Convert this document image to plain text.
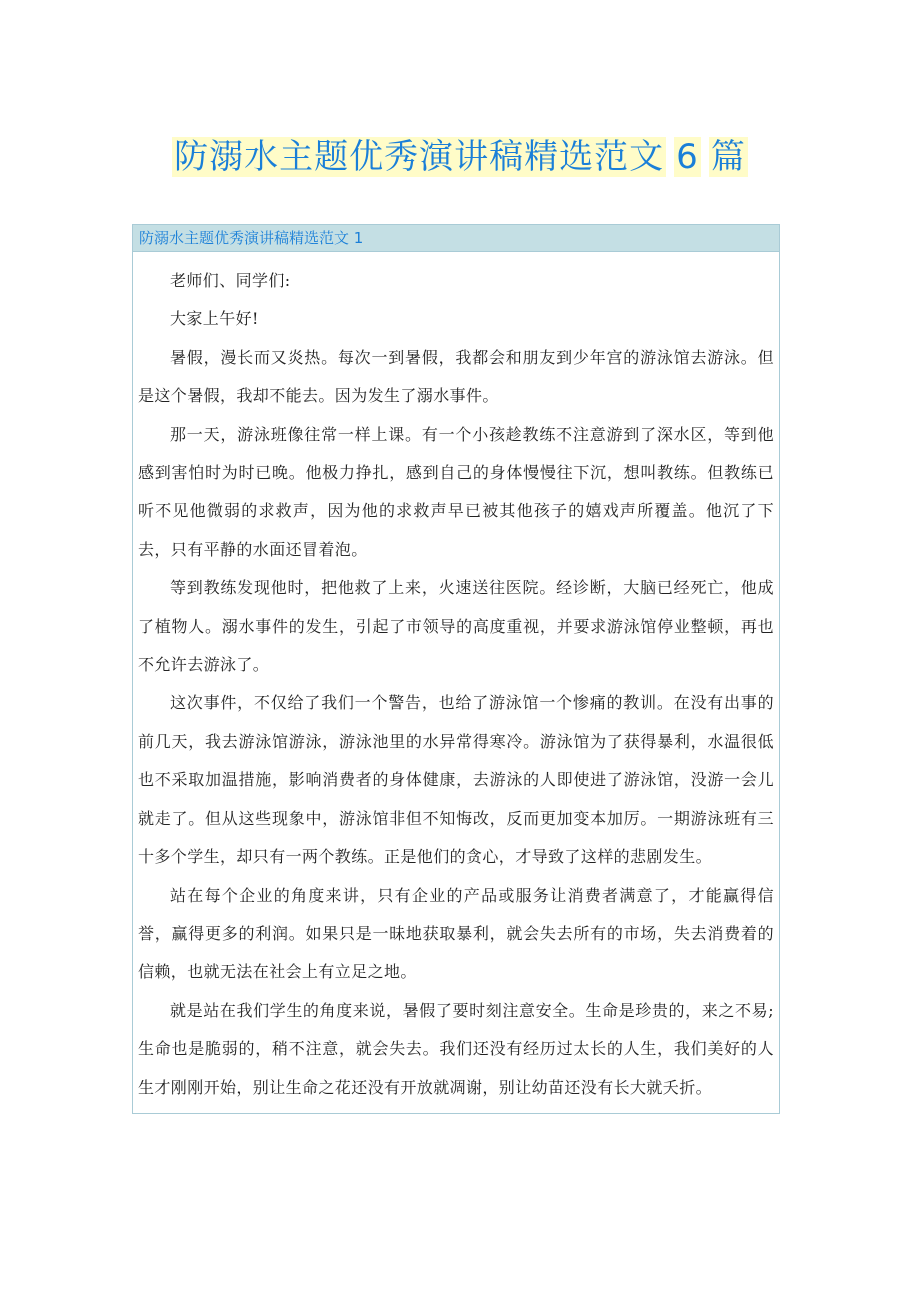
防溺水主题优秀演讲稿精选范文 6 篇
防溺水主题优秀演讲稿精选范文 1

老师们、同学们:

大家上午好!

暑假，漫长而又炎热。每次一到暑假，我都会和朋友到少年宫的游泳馆去游泳。但是这个暑假，我却不能去。因为发生了溺水事件。

那一天，游泳班像往常一样上课。有一个小孩趁教练不注意游到了深水区，等到他感到害怕时为时已晚。他极力挣扎，感到自己的身体慢慢往下沉，想叫教练。但教练已听不见他微弱的求救声，因为他的求救声早已被其他孩子的嬉戏声所覆盖。他沉了下去，只有平静的水面还冒着泡。

等到教练发现他时，把他救了上来，火速送往医院。经诊断，大脑已经死亡，他成了植物人。溺水事件的发生，引起了市领导的高度重视，并要求游泳馆停业整顿，再也不允许去游泳了。

这次事件，不仅给了我们一个警告，也给了游泳馆一个惨痛的教训。在没有出事的前几天，我去游泳馆游泳，游泳池里的水异常得寒冷。游泳馆为了获得暴利，水温很低也不采取加温措施，影响消费者的身体健康，去游泳的人即使进了游泳馆，没游一会儿就走了。但从这些现象中，游泳馆非但不知悔改，反而更加变本加厉。一期游泳班有三十多个学生，却只有一两个教练。正是他们的贪心，才导致了这样的悲剧发生。

站在每个企业的角度来讲，只有企业的产品或服务让消费者满意了，才能赢得信誉，赢得更多的利润。如果只是一昧地获取暴利，就会失去所有的市场，失去消费着的信赖，也就无法在社会上有立足之地。

就是站在我们学生的角度来说，暑假了要时刻注意安全。生命是珍贵的，来之不易;生命也是脆弱的，稍不注意，就会失去。我们还没有经历过太长的人生，我们美好的人生才刚刚开始，别让生命之花还没有开放就凋谢，别让幼苗还没有长大就夭折。
